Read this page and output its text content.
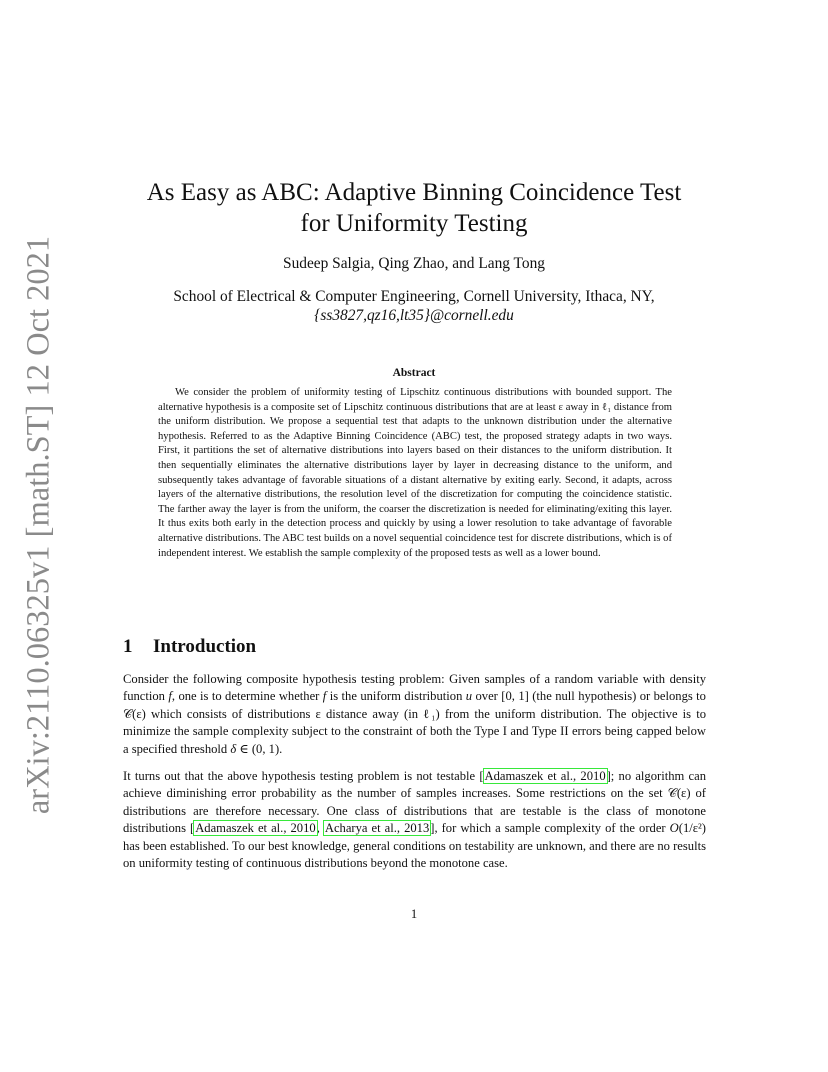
arXiv:2110.06325v1 [math.ST] 12 Oct 2021
As Easy as ABC: Adaptive Binning Coincidence Test
for Uniformity Testing
Sudeep Salgia, Qing Zhao, and Lang Tong
School of Electrical & Computer Engineering, Cornell University, Ithaca, NY,
{ss3827,qz16,lt35}@cornell.edu
Abstract
We consider the problem of uniformity testing of Lipschitz continuous distributions with bounded support. The alternative hypothesis is a composite set of Lipschitz continuous distributions that are at least ε away in ℓ₁ distance from the uniform distribution. We propose a sequential test that adapts to the unknown distribution under the alternative hypothesis. Referred to as the Adaptive Binning Coincidence (ABC) test, the proposed strategy adapts in two ways. First, it partitions the set of alternative distributions into layers based on their distances to the uniform distribution. It then sequentially eliminates the alternative distributions layer by layer in decreasing distance to the uniform, and subsequently takes advantage of favorable situations of a distant alternative by exiting early. Second, it adapts, across layers of the alternative distributions, the resolution level of the discretization for computing the coincidence statistic. The farther away the layer is from the uniform, the coarser the discretization is needed for eliminating/exiting this layer. It thus exits both early in the detection process and quickly by using a lower resolution to take advantage of favorable alternative distributions. The ABC test builds on a novel sequential coincidence test for discrete distributions, which is of independent interest. We establish the sample complexity of the proposed tests as well as a lower bound.
1 Introduction
Consider the following composite hypothesis testing problem: Given samples of a random variable with density function f, one is to determine whether f is the uniform distribution u over [0, 1] (the null hypothesis) or belongs to 𝒞(ε) which consists of distributions ε distance away (in ℓ₁) from the uniform distribution. The objective is to minimize the sample complexity subject to the constraint of both the Type I and Type II errors being capped below a specified threshold δ ∈ (0, 1).
It turns out that the above hypothesis testing problem is not testable [Adamaszek et al., 2010]; no algorithm can achieve diminishing error probability as the number of samples increases. Some restrictions on the set 𝒞(ε) of distributions are therefore necessary. One class of distributions that are testable is the class of monotone distributions [Adamaszek et al., 2010, Acharya et al., 2013], for which a sample complexity of the order O(1/ε²) has been established. To our best knowledge, general conditions on testability are unknown, and there are no results on uniformity testing of continuous distributions beyond the monotone case.
1
